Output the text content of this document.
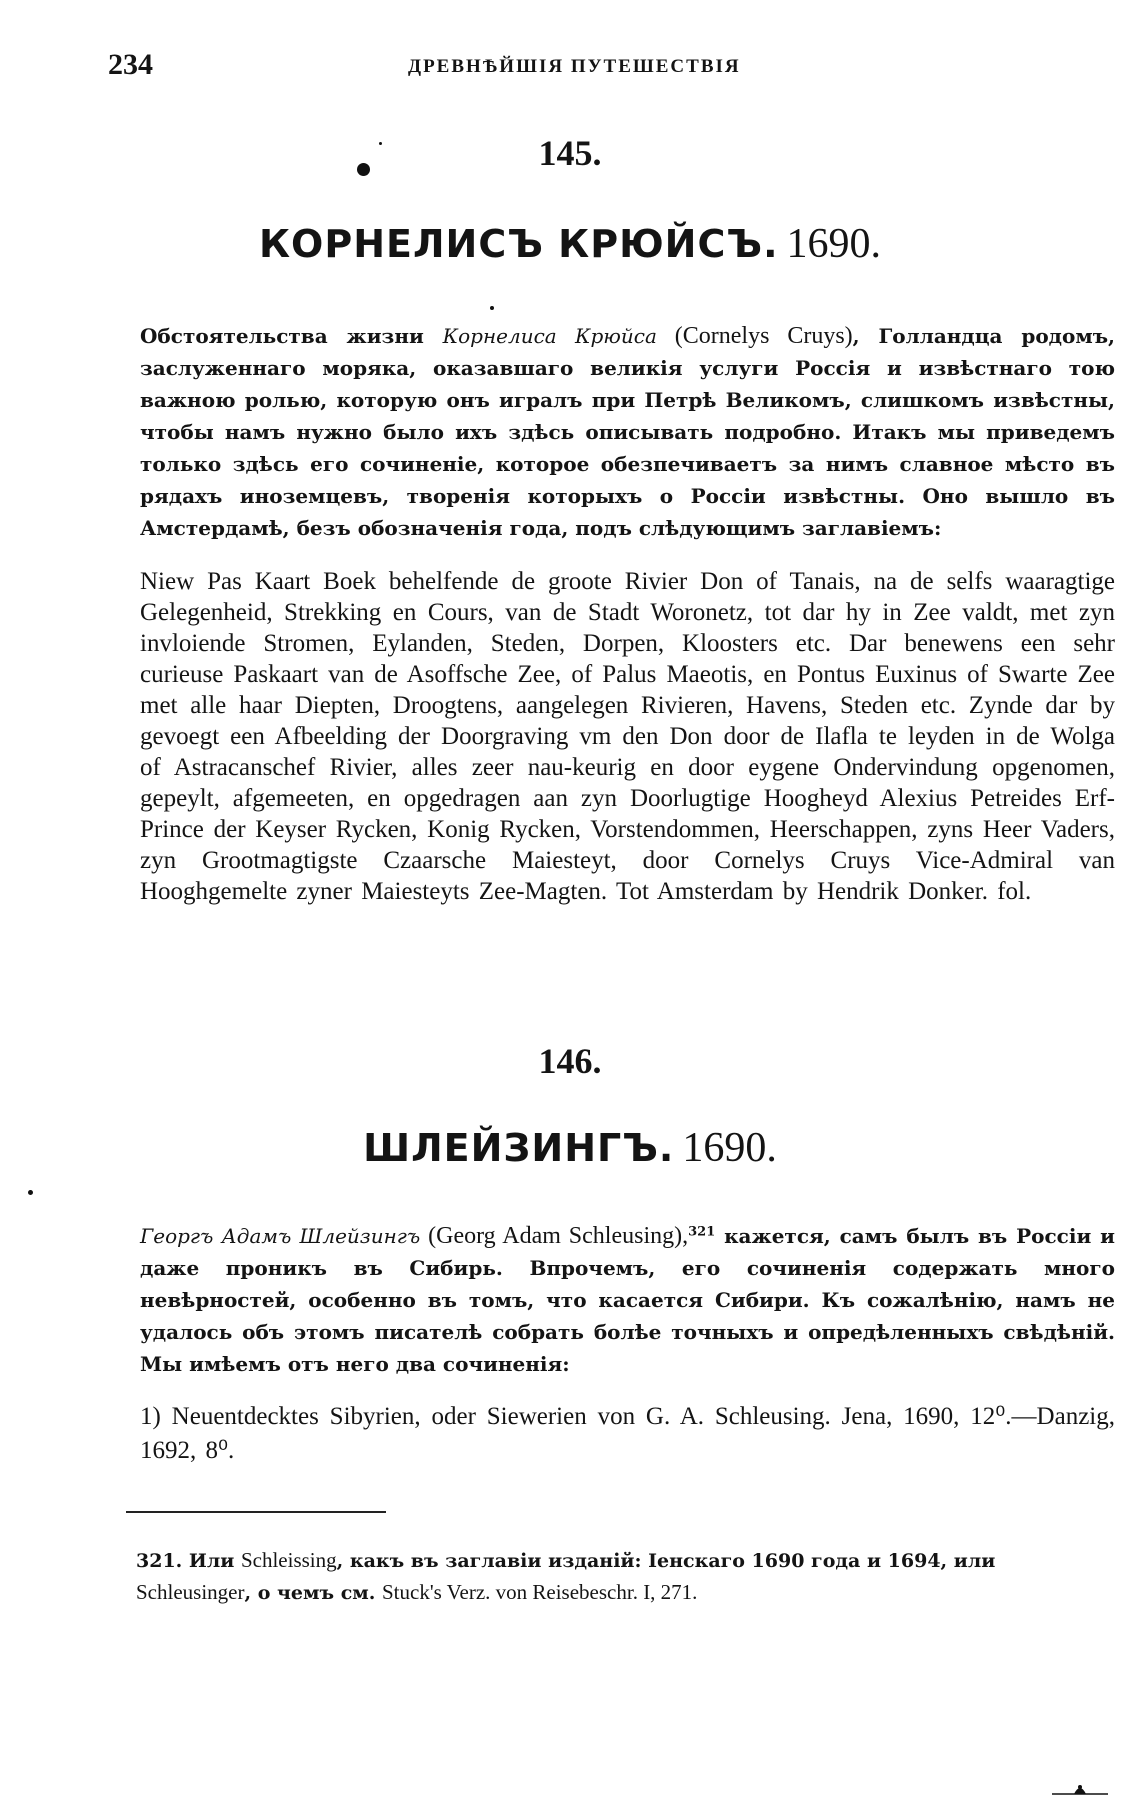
234	ДРЕВНѢЙШІЯ ПУТЕШЕСТВІЯ
145.
КОРНЕЛИСЪ КРЮЙСЪ. 1690.

Обстоятельства жизни Корнелиса Крюйса (Cornelys Cruys), Голландца родомъ, заслуженнаго моряка, оказавшаго великія услуги Россія и извѣстнаго тою важною ролью, которую онъ игралъ при Петрѣ Великомъ, слишкомъ извѣстны, чтобы намъ нужно было ихъ здѣсь описывать подробно. Итакъ мы приведемъ только здѣсь его сочиненіе, которое обезпечиваетъ за нимъ славное мѣсто въ рядахъ иноземцевъ, творенія которыхъ о Россіи извѣстны. Оно вышло въ Амстердамѣ, безъ обозначенія года, подъ слѣдующимъ заглавіемъ:

Niew Pas Kaart Boek behelfende de groote Rivier Don of Tanais, na de selfs waaragtige Gelegenheid, Strekking en Cours, van de Stadt Woronetz, tot dar hy in Zee valdt, met zyn invloiende Stromen, Eylanden, Steden, Dorpen, Kloosters etc. Dar benewens een sehr curieuse Paskaart van de Asoffsche Zee, of Palus Maeotis, en Pontus Euxinus of Swarte Zee met alle haar Diepten, Droogtens, aangelegen Rivieren, Havens, Steden etc. Zynde dar by gevoegt een Afbeelding der Doorgraving vm den Don door de Ilafla te leyden in de Wolga of Astracanschef Rivier, alles zeer nau-keurig en door eygene Ondervindung opgenomen, gepeylt, afgemeeten, en opgedragen aan zyn Doorlugtige Hoogheyd Alexius Petreides Erf-Prince der Keyser Rycken, Konig Rycken, Vorstendommen, Heerschappen, zyns Heer Vaders, zyn Grootmagtigste Czaarsche Maiesteyt, door Cornelys Cruys Vice-Admiral van Hooghgemelte zyner Maiesteyts Zee-Magten. Tot Amsterdam by Hendrik Donker. fol.

146.
ШЛЕЙЗИНГЪ. 1690.

Георгъ Адамъ Шлейзингъ (Georg Adam Schleusing),$^{321}$ кажется, самъ былъ въ Россіи и даже проникъ въ Сибирь. Впрочемъ, его сочиненія содержать много невѣрностей, особенно въ томъ, что касается Сибири. Къ сожалѣнію, намъ не удалось объ этомъ писателѣ собрать болѣе точныхъ и опредѣленныхъ свѣдѣній. Мы имѣемъ отъ него два сочиненія:

1) Neuentdecktes Sibyrien, oder Siewerien von G. A. Schleusing. Jena, 1690, 12⁰.—Danzig, 1692, 8⁰.

321. Или Schleissing, какъ въ заглавіи изданій: Іенскаго 1690 года и 1694, или Schleusinger, о чемъ см. Stuck's Verz. von Reisebeschr. I, 271.
